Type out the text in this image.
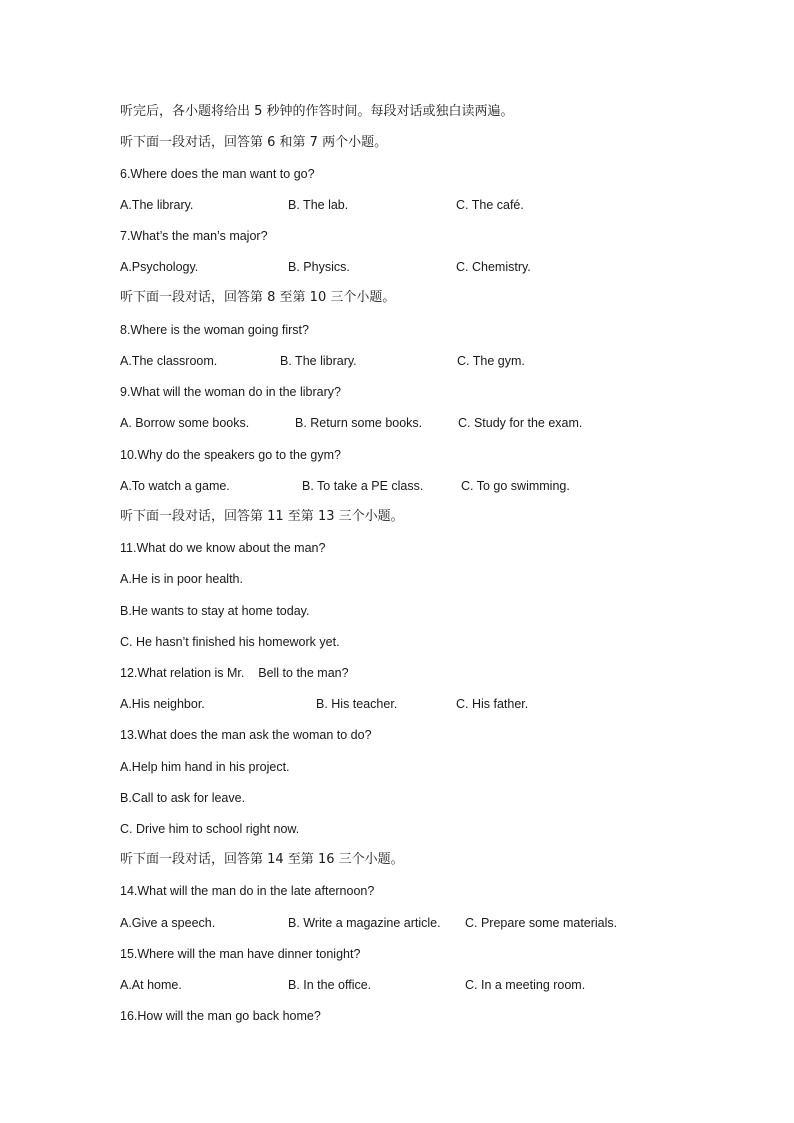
听完后，各小题将给出 5 秒钟的作答时间。每段对话或独白读两遍。
听下面一段对话，回答第 6 和第 7 两个小题。
6.Where does the man want to go?

A.The library.

	B. The lab.

	C. The café.

7.What’s the man’s major?

A.Psychology.

	B. Physics.

	C. Chemistry.

听下面一段对话，回答第 8 至第 10 三个小题。
8.Where is the woman going first?

A.The classroom.

	B. The library.

	C. The gym.

9.What will the woman do in the library?

A. Borrow some books.

	B. Return some books.

	C. Study for the exam.

10.Why do the speakers go to the gym?

A.To watch a game.

	B. To take a PE class.

	C. To go swimming.

听下面一段对话，回答第 11 至第 13 三个小题。
11.What do we know about the man?
A.He is in poor health.
B.He wants to stay at home today.
C. He hasn’t finished his homework yet.
12.What relation is Mr.    Bell to the man?

A.His neighbor.

	B. His teacher.

	C. His father.

13.What does the man ask the woman to do?
A.Help him hand in his project.
B.Call to ask for leave.
C. Drive him to school right now.
听下面一段对话，回答第 14 至第 16 三个小题。
14.What will the man do in the late afternoon?

A.Give a speech.

	B. Write a magazine article.

C. Prepare some materials.

15.Where will the man have dinner tonight?

A.At home.

	B. In the office.

	C. In a meeting room.

16.How will the man go back home?
